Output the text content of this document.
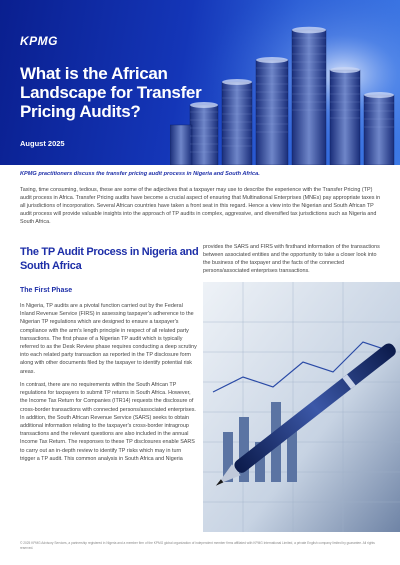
KPMG
What is the African
Landscape for Transfer
Pricing Audits?
August 2025
KPMG practitioners discuss the transfer pricing audit process in Nigeria and South Africa.
Taxing, time consuming, tedious, these are some of the adjectives that a taxpayer may use to describe the experience with the Transfer Pricing (TP) audit process in Africa. Transfer Pricing audits have become a crucial aspect of ensuring that Multinational Enterprises (MNEs) pay appropriate taxes in all jurisdictions of incorporation. Several African countries have taken a front seat in this regard. Hence a view into the Nigerian and South African TP audit process will provide valuable insights into the approach of TP audits in complex, aggressive, and diversified tax jurisdictions such as Nigeria and South Africa.
The TP Audit Process in Nigeria and
South Africa
provides the SARS and FIRS with firsthand information of the transactions between associated entities and the opportunity to take a closer look into the business of the taxpayer and the facts of the connected persons/associated enterprises transactions.
The First Phase
In Nigeria, TP audits are a pivotal function carried out by the Federal Inland Revenue Service (FIRS) in assessing taxpayer's adherence to the Nigerian TP regulations which are designed to ensure a taxpayer's compliance with the arm's length principle in respect of all related party transactions. The first phase of a Nigerian TP audit which is typically referred to as the Desk Review phase requires conducting a deep scrutiny into each related party transaction as reported in the TP disclosure form along with other documents filed by the taxpayer to identify potential risk areas.
In contrast, there are no requirements within the South African TP regulations for taxpayers to submit TP returns in South Africa. However, the Income Tax Return for Companies (ITR14) requests the disclosure of cross-border transactions with connected persons/associated enterprises. In addition, the South African Revenue Service (SARS) seeks to obtain additional information relating to the taxpayer's cross-border intragroup transactions and the relevant questions are also included in the annual Income Tax Return. The responses to these TP disclosures enable SARS to carry out an in-depth review to identify TP risks which may in turn trigger a TP audit. This common analysis in South Africa and Nigeria
© 2025 KPMG Advisory Services, a partnership registered in Nigeria and a member firm of the KPMG global organization of independent member firms affiliated with KPMG International Limited, a private English company limited by guarantee. All rights reserved.
